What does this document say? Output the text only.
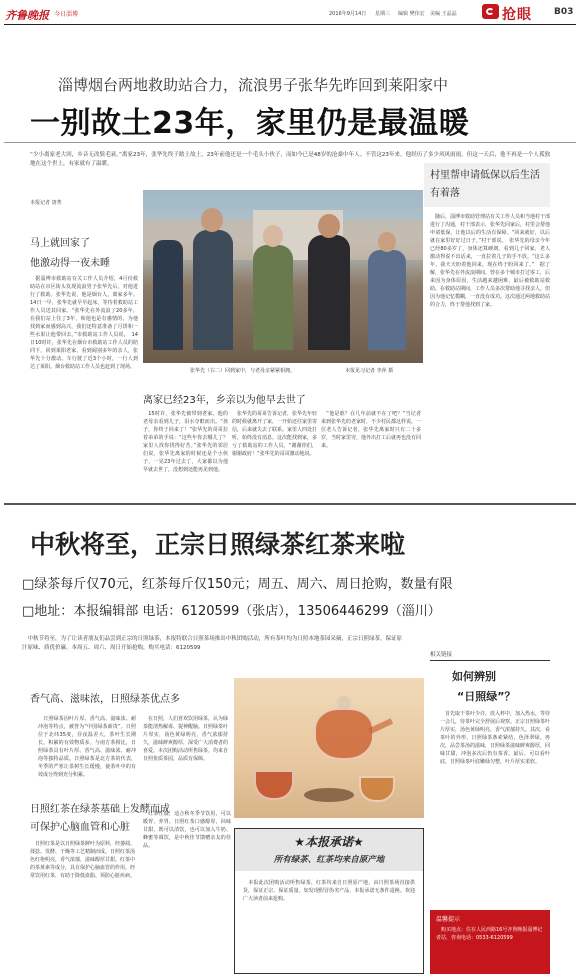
齐鲁晚报 今日淄博	2016年9月14日 星期三 编辑 樊伟宏 美编 王晶晶	抢眼 B03
淄博烟台两地救助站合力，流浪男子张华先昨回到莱阳家中
一别故土23年，家里仍是最温暖
“少小离家老大回，乡音无改鬓毛衰。”离家23年，张华先终于踏上故土，23年前他还是一个毛头小伙子，而如今已是48岁的沧桑中年人。不管这23年来，他经历了多少风风雨雨，但这一天后，他不再是一个人孤独地在这个世上，有家就有了温暖。
本报记者 唐菁
马上就回家了
他激动得一夜未睡
　据淄博市救助站有关工作人员介绍，4月份救助站在市区街头发现流浪男子张华先后，对他进行了救助。张华先说，他是烟台人，离家多年。14日一早，张华先就早早起床，等待着救助站工作人员送其回家。“张华先在外流浪了20多年，在我们站上住了3年，和他也是有感情的，为他找到家而感到高兴，我们还特意准备了月饼和一些水果让他带回去。”市救助站工作人员说。　14日10时许，张华先在烟台市救助站工作人员的陪同下，回到莱阳老家，看到阔别多年的亲人，张华先十分激动。车行驶了近3个小时，一行人到达了莱阳。烟台救助站工作人员也赶到了现场。
张华先（右二）回到家中，与老母亲紧紧相拥。	本报见习记者 李萍 摄
离家已经23年，乡亲以为他早去世了
　15时许，张华先被带到老家。他的老母亲看到儿子，泪水夺眶而出。“孩子，你终于回来了！”张华先的哥哥拉着弟弟的手说：“这些年你去哪儿了？家里人找你找得好苦。”张华先的邻居们说，张华先离家的时候还是个小伙子，一晃23年过去了，大家都以为他早就去世了，没想到还能再见到他。
　张华先的哥哥告诉记者，张华先年轻的时候就离开了家，一开始还往家里寄信，后来就失去了联系。家里人四处打听，始终没有消息。这次能找到家，多亏了救助站的工作人员。“谢谢你们，谢谢政府！”张华先的哥哥激动地说。
　“他是谁？在几年前就不在了吧？”当记者来到张华先的老家时，不少村民都这样说。一位老人告诉记者，张华先离家时只有二十多岁，当时家里穷，他外出打工后就再也没有回来。
村里帮申请低保以后生活有着落
　随后，淄博市救助管理站有关工作人员和当地村干部进行了沟通，村干部表示，张华先回家后，村里会帮他申请低保，让他以后的生活有保障。“回来就好，以后就在家里好好过日子。”村干部说。　张华先的母亲今年已经80多岁了，身体还算硬朗。看到儿子回家，老人激动得说不出话来，一直拉着儿子的手不放。“这么多年，我天天盼着他回来，现在终于盼回来了。”　据了解，张华先在外流浪期间，曾在多个城市打过零工，后来因为身体原因，生活越来越困难，最后被救助站救助。在救助站期间，工作人员多次帮助他寻找亲人，但因为他记忆模糊，一直没有成功。这次通过两地救助站的合力，终于帮他找到了家。
中秋将至，正宗日照绿茶红茶来啦
□绿茶每斤仅70元，红茶每斤仅150元；周五、周六、周日抢购，数量有限
□地址：本报编辑部 电话：6120599（张店），13506446299（淄川）
　中秋节将至，为了让读者朋友们品尝到正宗的日照绿茶，本报特联合日照茶场推出中秋团购活动，所有茶叶均为日照本地茶园采摘，正宗日照绿茶，保证原汁原味、质优价廉。本周五、周六、周日开始抢购，购买电话：6120599
香气高、滋味浓，日照绿茶优点多
　日照绿茶因叶片厚、香气高、滋味浓、耐冲泡等特点，被誉为“中国绿茶新贵”。日照位于北纬35度，昼夜温差大，茶叶生长期长，积累的有效物质多。与南方茶相比，日照绿茶具有叶片厚、香气高、滋味浓、耐冲泡等独特品质。日照绿茶是北方茶的代表，冬季的严寒让茶树生长缓慢，使茶叶中的有效成分得到充分积累。
　在日照，人们喜欢饮用绿茶，认为绿茶能清热解毒、提神醒脑。日照绿茶叶片厚实，汤色黄绿明亮，香气浓郁持久，滋味鲜爽醇厚，深受广大消费者的喜爱。本次团购活动所售绿茶，均来自日照优质茶园，品质有保障。
日照红茶在绿茶基础上发酵而成
可保护心脑血管和心脏
　日照红茶是以日照绿茶鲜叶为原料，经萎凋、揉捻、发酵、干燥等工艺精制而成。日照红茶汤色红艳明亮，香气浓郁，滋味醇厚甘甜。红茶中的茶黄素等成分，具有保护心脑血管的作用。经常饮用红茶，有助于降低血脂、预防心脏疾病。
　红茶性温，适合秋冬季节饮用，可以暖胃、养胃。日照红茶口感醇厚，回味甘甜，既可以清饮，也可以加入牛奶、蜂蜜等调饮，是中秋佳节馈赠亲友的佳品。	★本报承诺★
所有绿茶、红茶均来自原产地
　本报此次团购活动所售绿茶、红茶均来自日照原产地，由日照茶场直接供货，保证正宗、保证质量。如发现假冒伪劣产品，本报承诺无条件退换。欢迎广大读者前来抢购。
相关链接
如何辨别
“日照绿”？
　首先取干茶叶少许，放入杯中，加入热水，等待一会儿，待茶叶完全舒展后观察。正宗日照绿茶叶片厚实，汤色黄绿明亮，香气浓郁持久。其次，看茶叶的外形，日照绿茶条索紧结、色泽翠绿。再次，品尝茶汤的滋味，日照绿茶滋味鲜爽醇厚，回味甘甜，冲泡多次后仍有茶香。最后，可以看叶底，日照绿茶叶底嫩绿匀整，叶片厚实柔软。
温馨提示
　购买地点：住在人民西路16号齐鲁晚报淄博记者站，咨询电话：0533-6120599
